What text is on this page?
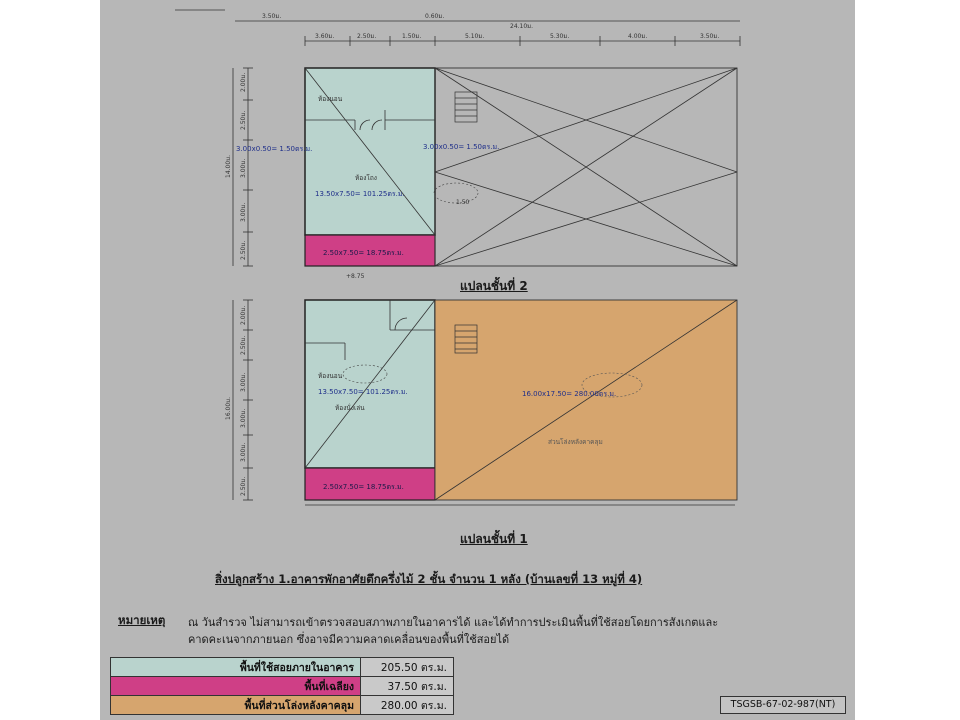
3.50ม.	0.60ม.
24.10ม.
3.60ม.	2.50ม.	1.50ม.	5.10ม.	5.30ม.	4.00ม.	3.50ม.
14.00ม.
2.00ม.
2.50ม.
3.00ม.
3.00ม.
2.50ม.
1.50
+8.75
ห้องนอน
ห้องโถง
3.00x0.50= 1.50ตร.ม.	3.00x0.50= 1.50ตร.ม.
13.50x7.50= 101.25ตร.ม.
2.50x7.50= 18.75ตร.ม.
16.00ม.
2.00ม.
2.50ม.
3.00ม.
3.00ม.
3.00ม.
2.50ม.
ห้องนอน
ห้องนั่งเล่น
13.50x7.50= 101.25ตร.ม.
2.50x7.50= 18.75ตร.ม.
16.00x17.50= 280.00ตร.ม.
ส่วนโล่งหลังคาคลุม
แปลนชั้นที่ 2
แปลนชั้นที่ 1
สิ่งปลูกสร้าง 1.อาคารพักอาศัยตึกครึ่งไม้ 2 ชั้น จำนวน 1 หลัง (บ้านเลขที่ 13 หมู่ที่ 4)
หมายเหตุ ณ วันสำรวจ ไม่สามารถเข้าตรวจสอบสภาพภายในอาคารได้ และได้ทำการประเมินพื้นที่ใช้สอยโดยการสังเกตและ
คาดคะเนจากภายนอก ซึ่งอาจมีความคลาดเคลื่อนของพื้นที่ใช้สอยได้
พื้นที่ใช้สอยภายในอาคาร	205.50 ตร.ม.
พื้นที่เฉลียง	37.50 ตร.ม.
พื้นที่ส่วนโล่งหลังคาคลุม	280.00 ตร.ม.	TSGSB-67-02-987(NT)
